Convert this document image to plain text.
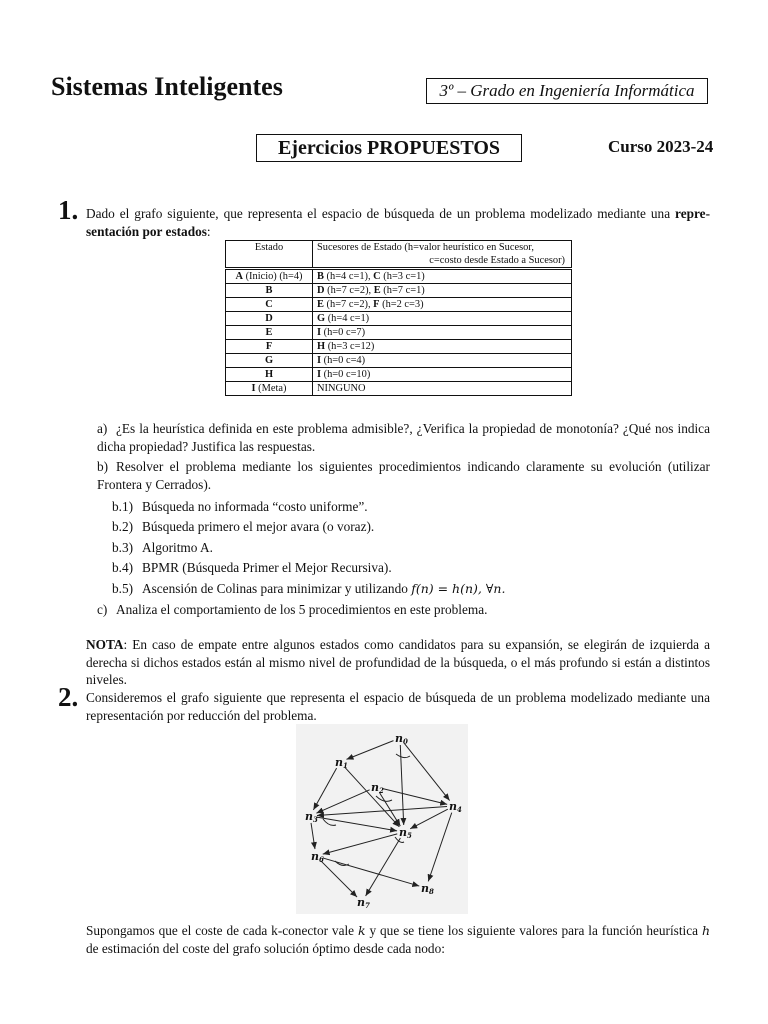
Sistemas Inteligentes	3º – Grado en Ingeniería Informática
Ejercicios PROPUESTOS	Curso 2023-24
1. Dado el grafo siguiente, que representa el espacio de búsqueda de un problema modelizado mediante una repre-sentación por estados:
Estado	Sucesores de Estado (h=valor heurístico en Sucesor,
c=costo desde Estado a Sucesor)

A (Inicio) (h=4)	B (h=4 c=1), C (h=3 c=1)
B	D (h=7 c=2), E (h=7 c=1)
C	E (h=7 c=2), F (h=2 c=3)
D	G (h=4 c=1)
E	I (h=0 c=7)
F	H (h=3 c=12)
G	I (h=0 c=4)
H	I (h=0 c=10)
I (Meta)	NINGUNO
a) ¿Es la heurística definida en este problema admisible?, ¿Verifica la propiedad de monotonía? ¿Qué nos indica dicha propiedad? Justifica las respuestas.
b) Resolver el problema mediante los siguientes procedimientos indicando claramente su evolución (utilizar Frontera y Cerrados).
b.1) Búsqueda no informada “costo uniforme”.
b.2) Búsqueda primero el mejor avara (o voraz).
b.3) Algoritmo A.
b.4) BPMR (Búsqueda Primer el Mejor Recursiva).
b.5) Ascensión de Colinas para minimizar y utilizando f(n) = h(n), ∀n.
c) Analiza el comportamiento de los 5 procedimientos en este problema.
NOTA: En caso de empate entre algunos estados como candidatos para su expansión, se elegirán de izquierda a derecha si dichos estados están al mismo nivel de profundidad de la búsqueda, o el más profundo si están a distintos niveles.
2. Consideremos el grafo siguiente que representa el espacio de búsqueda de un problema modelizado mediante una representación por reducción del problema.
n0
n1
n2
n3
n4
n5
n6
n7
n8
Supongamos que el coste de cada k-conector vale k y que se tiene los siguiente valores para la función heurística h de estimación del coste del grafo solución óptimo desde cada nodo:
